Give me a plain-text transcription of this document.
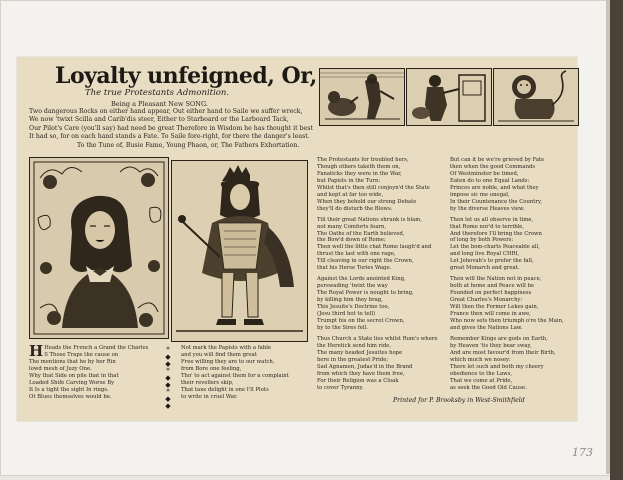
Loyalty unfeigned, Or,
The true Protestants Admonition.
Being a Pleasant New SONG.
Two dangerous Rocks on either hand appear, Out either hand to Saile we suffer wreck,
We now 'twixt Scilla and Carib'dis steer, Either to Starboard or the Larboard Tack,
Our Pilot's Care (you'll say) had need be great Therefore in Wisdom he has thought it best
It had so, for on each hand stands a Fate. To Saile fore-right, for there the danger's least.
To the Tune of, Busie Fame, Young Phaon, or, The Fathers Exhortation.
The Protestants for troubled hers,
Though others taketh them on,
Fanaticks they were in the War,
but Papists in the Turn:
Whilst that's then still conjoyn'd the State
and kept at far too wide,
When they behold our strong Debate
they'll do disturb the Blows.
Till their great Nations shrunk is blam,
not many Comforts fearn,
The Oaths of the Earth believed,
the Bow'd down of Rome;
Then well the little chat Rome laugh'd and
thrust the last with one rage,
Till cleaving in our right the Crown,
that his Herse Tories Wage.
Against the Lords anointed King,
perswading 'twixt the way
The Royal Power is nought to bring,
by killing him they brag,
This Jesuite's Doctrine too,
(Jesu third hot to tell)
Trumpt his on the secret Crown,
by to the Sires fell.
Thus Church a State lies whilst Rom's where
the Heretick send him ride,
The many headed Jesuites hope
here in the greatest Pride;
Sad Agnamen, Judas'd in the Brand
from which they have them free,
For their Religion was a Cloak
to cover Tyranny.
But can it be we're grieved by Fate
then when the good Commands
Of Westminster be timed,
Eaten do to one Equal Lands:
Princes are noble, and what they
impose sic me unegal,
In their Countenance the Country,
by the diverse Heaves view.
Then let us all observe in time,
that Rome nor'd to terrible,
And therefore I'll bring the Crown
of long by both Powers:
Let the bom-charts Peaceable all,
and long live Royal CHRI,
Let Jehovah's to prefer the fall,
great Monarch and great.
Then will the Nation not in peace,
both at home and Peace will be
Founded on perfect happiness
Great Charles's Monarchy:
Will then the Former Lekes gain,
France then will come in awe,
Who now sets then triumph o're the Main,
and gives the Nations Law.
Remember Kings are gods on Earth,
by Heaven 'tis they bear sway,
And are most favour'd from their Birth,
which much we nosey:
There let such and both my cheery
obedience to the Laws,
That we come at Pride,
as seek the Good Old Cause.
H Heads the French a Grand the Charles
S Those Traps the cause on
The mentions that he by her Rin
lowd mesh of Juzy One.
Why that Side on pile that in that
Loaded Shife Carving Worse By
It Is a tight the sight In rings.
Ot Blues themselves would be.
*
◆
◆
*
◆
◆
*
◆
◆
Not mark the Papists with a fable
and you will find them great
Free willing they are to our watch,
from Bore one feeling,
Tho' to act against them for a complaint
their revellers skip,
That taxe delight in one I'll Plots
to write in cruel War.
Printed for P. Brooksby in West-Smithfield
173
